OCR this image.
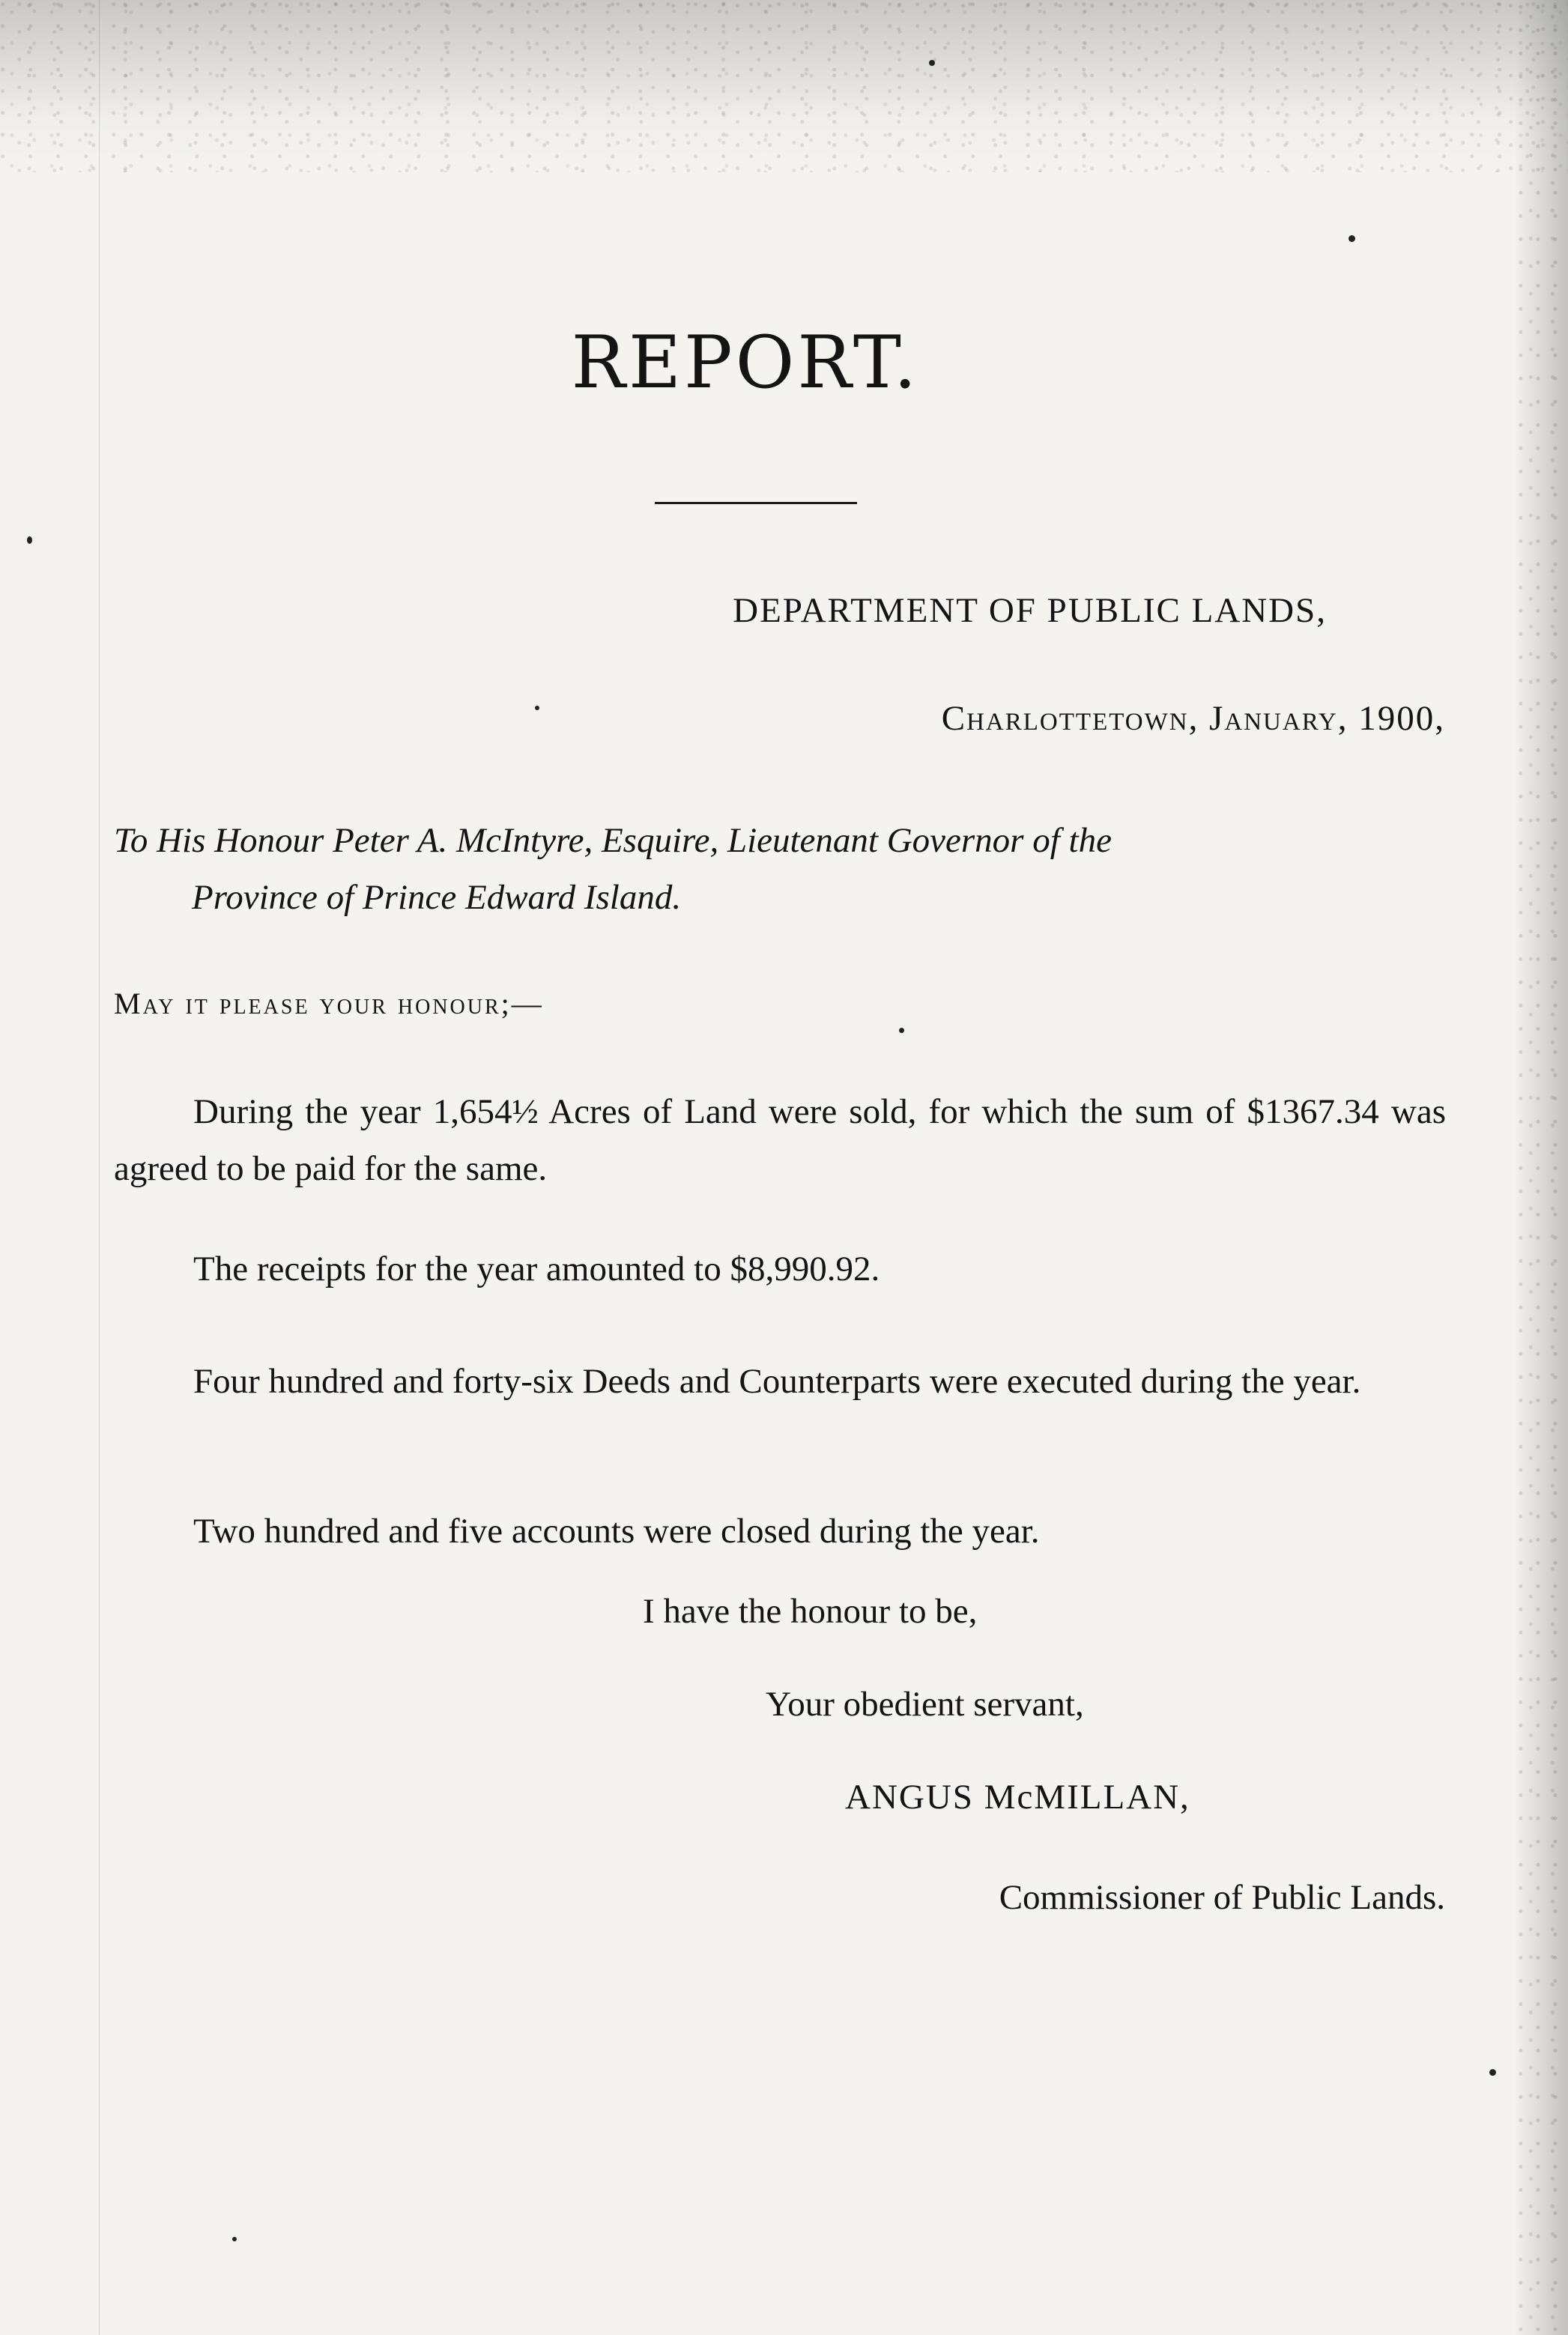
REPORT.
DEPARTMENT OF PUBLIC LANDS,
Charlottetown, January, 1900,
To His Honour Peter A. McIntyre, Esquire, Lieutenant Governor of the
Province of Prince Edward Island.
May it please your honour;—

During the year 1,654½ Acres of Land were sold, for which the sum of $1367.34 was agreed to be paid for the same.

The receipts for the year amounted to $8,990.92.

Four hundred and forty-six Deeds and Counterparts were executed during the year.

Two hundred and five accounts were closed during the year.

I have the honour to be,
Your obedient servant,
ANGUS McMILLAN,
Commissioner of Public Lands.
